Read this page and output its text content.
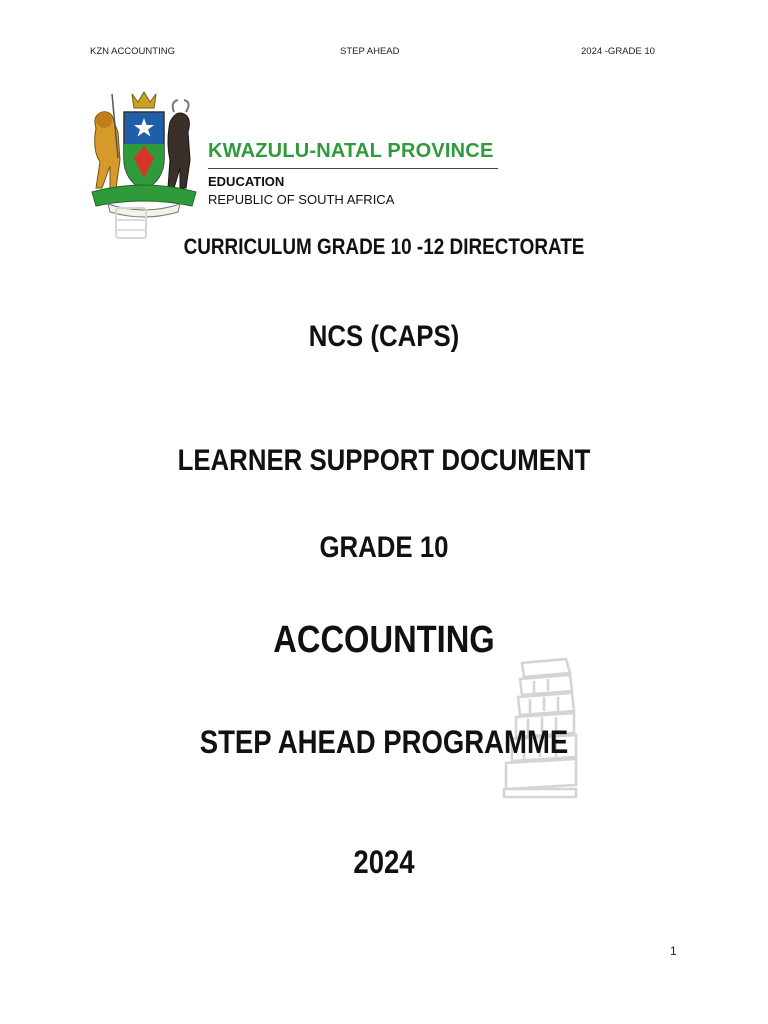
KZN ACCOUNTING	STEP AHEAD	2024 -GRADE 10
KWAZULU-NATAL PROVINCE
EDUCATION
REPUBLIC OF SOUTH AFRICA
CURRICULUM GRADE 10 -12 DIRECTORATE
NCS (CAPS)
LEARNER SUPPORT DOCUMENT
GRADE 10
ACCOUNTING
STEP AHEAD PROGRAMME
2024
1
